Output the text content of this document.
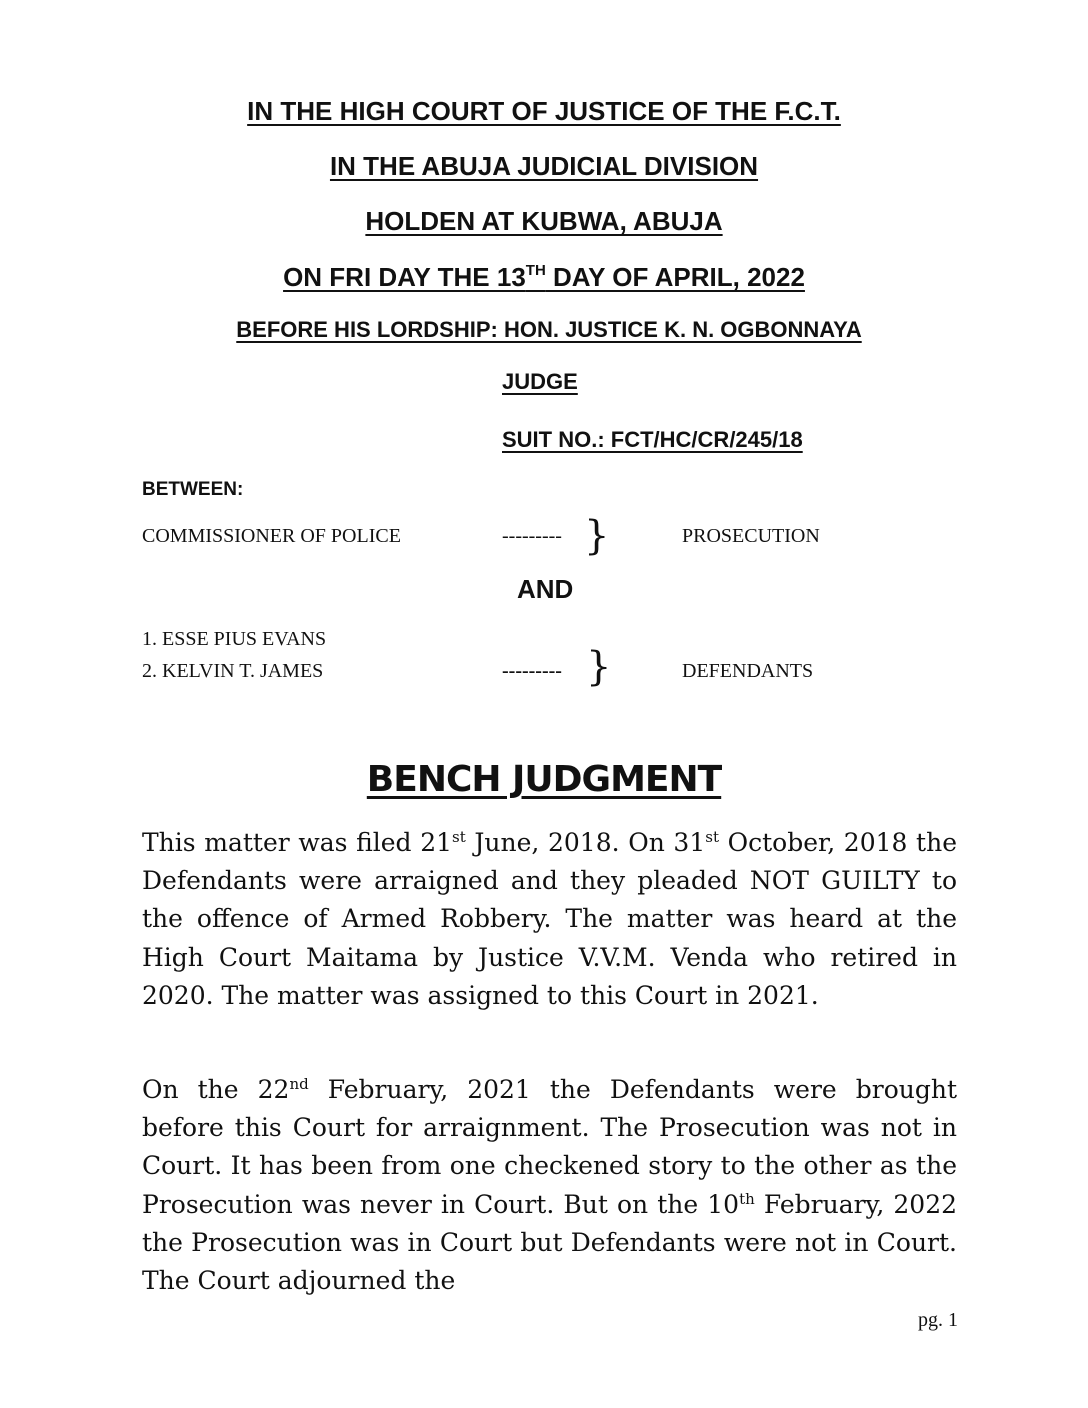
IN THE HIGH COURT OF JUSTICE OF THE F.C.T.
IN THE ABUJA JUDICIAL DIVISION
HOLDEN AT KUBWA, ABUJA
ON FRI DAY THE 13TH DAY OF APRIL, 2022
BEFORE HIS LORDSHIP: HON. JUSTICE K. N. OGBONNAYA
JUDGE
SUIT NO.: FCT/HC/CR/245/18
BETWEEN:
COMMISSIONER OF POLICE	--------- }	PROSECUTION
AND
1. ESSE PIUS EVANS
2. KELVIN T. JAMES	--------- }	DEFENDANTS
BENCH JUDGMENT

This matter was filed 21st June, 2018. On 31st October, 2018 the Defendants were arraigned and they pleaded NOT GUILTY to the offence of Armed Robbery. The matter was heard at the High Court Maitama by Justice V.V.M. Venda who retired in 2020. The matter was assigned to this Court in 2021.

On the 22nd February, 2021 the Defendants were brought before this Court for arraignment. The Prosecution was not in Court. It has been from one checkened story to the other as the Prosecution was never in Court. But on the 10th February, 2022 the Prosecution was in Court but Defendants were not in Court. The Court adjourned the

pg. 1
